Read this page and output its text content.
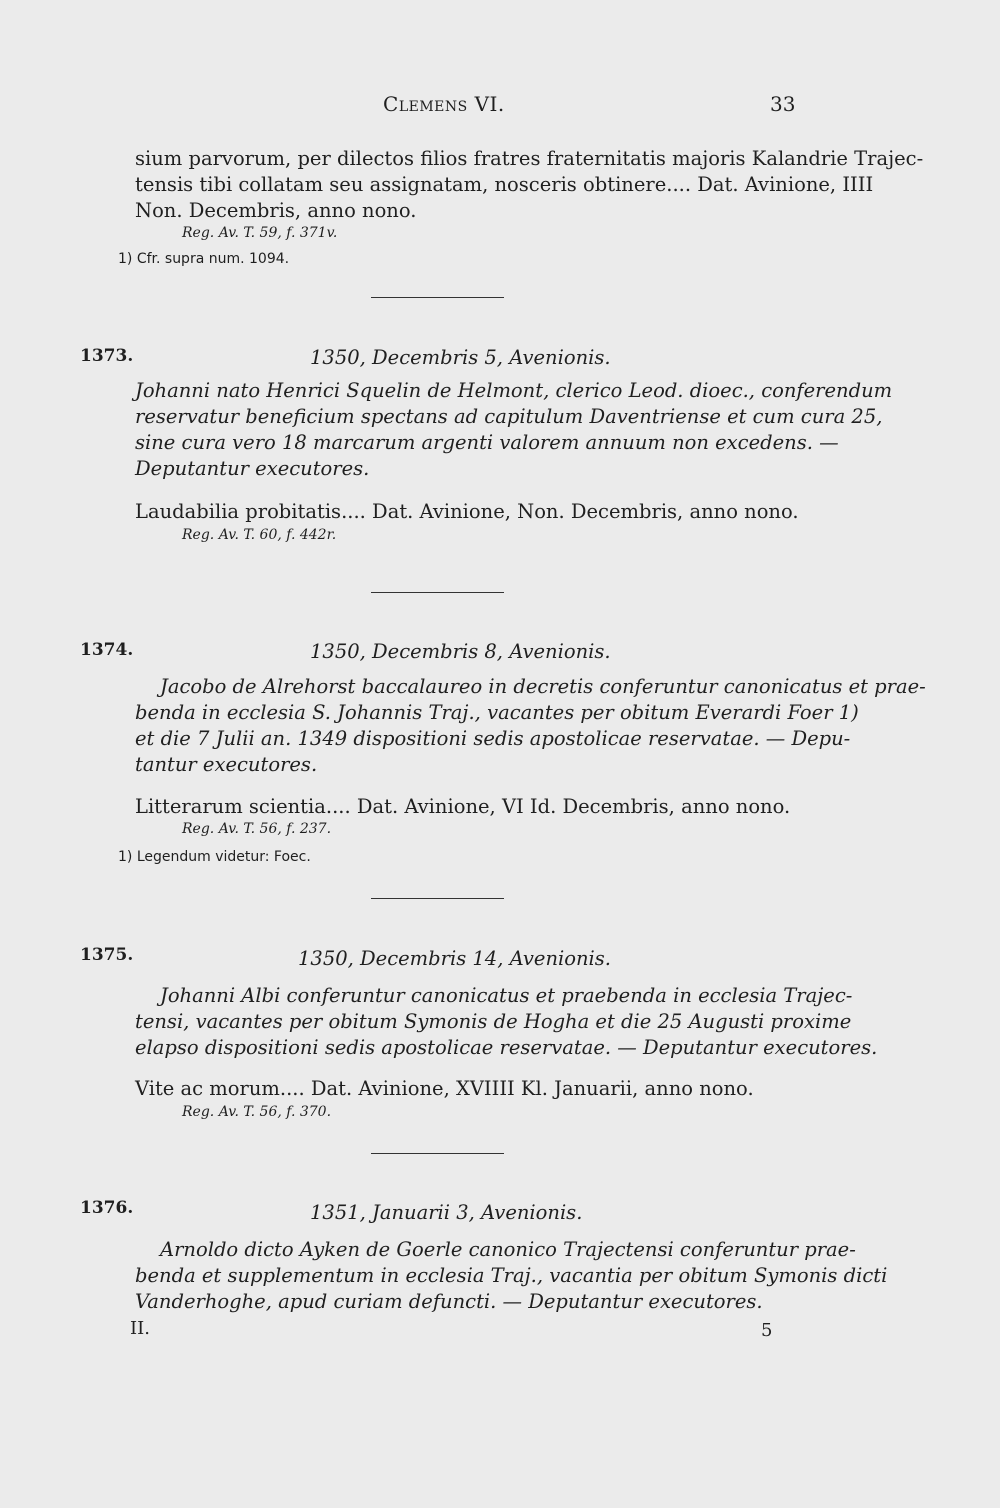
Clemens VI.	33
sium parvorum, per dilectos filios fratres fraternitatis majoris Kalandrie Trajec-
tensis tibi collatam seu assignatam, nosceris obtinere.... Dat. Avinione, IIII
Non. Decembris, anno nono.
Reg. Av. T. 59, f. 371v.
1) Cfr. supra num. 1094.
1373.	1350, Decembris 5, Avenionis.
Johanni nato Henrici Squelin de Helmont, clerico Leod. dioec., conferendum
reservatur beneficium spectans ad capitulum Daventriense et cum cura 25,
sine cura vero 18 marcarum argenti valorem annuum non excedens. —
Deputantur executores.
Laudabilia probitatis.... Dat. Avinione, Non. Decembris, anno nono.
Reg. Av. T. 60, f. 442r.
1374.	1350, Decembris 8, Avenionis.
Jacobo de Alrehorst baccalaureo in decretis conferuntur canonicatus et prae-
benda in ecclesia S. Johannis Traj., vacantes per obitum Everardi Foer 1)
et die 7 Julii an. 1349 dispositioni sedis apostolicae reservatae. — Depu-
tantur executores.
Litterarum scientia.... Dat. Avinione, VI Id. Decembris, anno nono.
Reg. Av. T. 56, f. 237.
1) Legendum videtur: Foec.
1375.	1350, Decembris 14, Avenionis.
Johanni Albi conferuntur canonicatus et praebenda in ecclesia Trajec-
tensi, vacantes per obitum Symonis de Hogha et die 25 Augusti proxime
elapso dispositioni sedis apostolicae reservatae. — Deputantur executores.
Vite ac morum.... Dat. Avinione, XVIIII Kl. Januarii, anno nono.
Reg. Av. T. 56, f. 370.
1376.	1351, Januarii 3, Avenionis.
Arnoldo dicto Ayken de Goerle canonico Trajectensi conferuntur prae-
benda et supplementum in ecclesia Traj., vacantia per obitum Symonis dicti
Vanderhoghe, apud curiam defuncti. — Deputantur executores.
II.	5
